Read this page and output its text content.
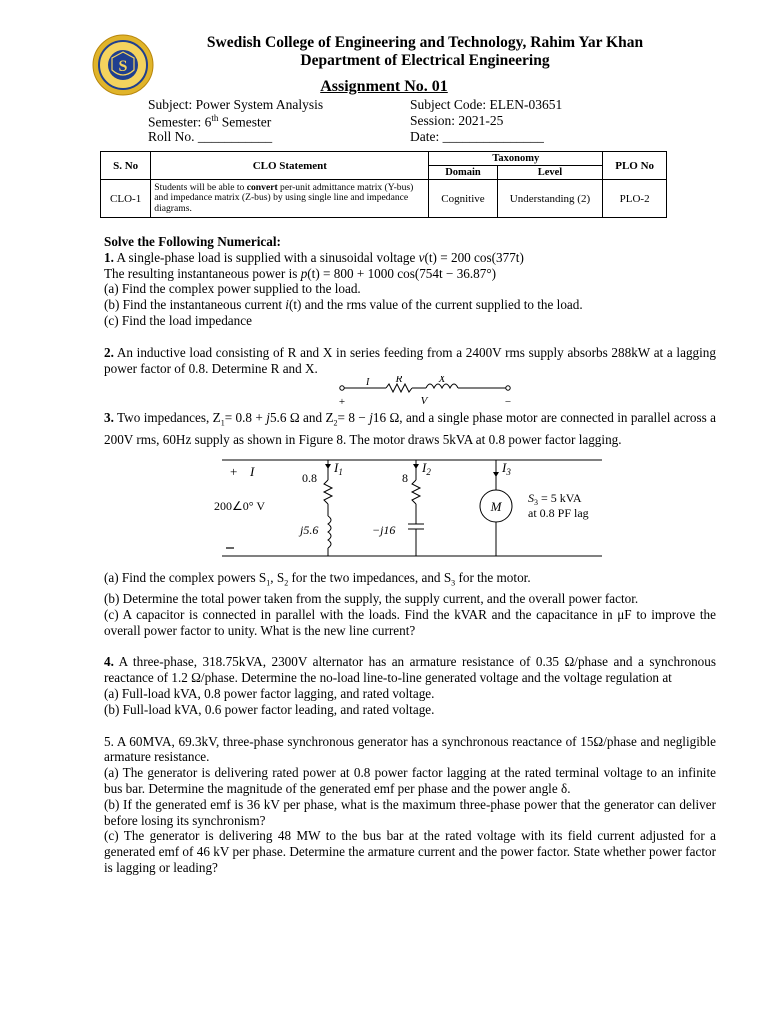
S
Swedish College of Engineering and Technology, Rahim Yar Khan
Department of Electrical Engineering
Assignment No. 01
Subject: Power System Analysis
Semester: 6th Semester
Roll No. ___________
Subject Code: ELEN-03651
Session: 2021-25
Date: _______________
S. No	CLO Statement	Taxonomy		PLO No
		Domain	Level	
CLO-1	Students will be able to convert per-unit admittance matrix (Y-bus) and impedance matrix (Z-bus) by using single line and impedance diagrams.	Cognitive	Understanding (2)	PLO-2

Solve the Following Numerical:

1. A single-phase load is supplied with a sinusoidal voltage v(t) = 200 cos(377t)

The resulting instantaneous power is p(t) = 800 + 1000 cos(754t − 36.87°)

(a) Find the complex power supplied to the load.

(b) Find the instantaneous current i(t) and the rms value of the current supplied to the load.

(c) Find the load impedance

2. An inductive load consisting of R and X in series feeding from a 2400V rms supply absorbs 288kW at a lagging power factor of 0.8. Determine R and X.

R	X
I
+	V	−

3. Two impedances, $Z_1= 0.8 + j5.6$ Ω and $Z_2= 8 - j16$ Ω, and a single phase motor are connected in parallel across a 200V rms, 60Hz supply as shown in Figure 8. The motor draws 5kVA at 0.8 power factor lagging.

+ I	$I_1$	$I_2$	$I_3$
0.8	8
j5.6	−j16
200∠0° V	M
$S_3 = 5$ kVA
at 0.8 PF lag

(a) Find the complex powers $S_1$, $S_2$ for the two impedances, and $S_3$ for the motor.

(b) Determine the total power taken from the supply, the supply current, and the overall power factor.

(c) A capacitor is connected in parallel with the loads. Find the kVAR and the capacitance in μF to improve the overall power factor to unity. What is the new line current?

4. A three-phase, 318.75kVA, 2300V alternator has an armature resistance of 0.35 Ω/phase and a synchronous reactance of 1.2 Ω/phase. Determine the no-load line-to-line generated voltage and the voltage regulation at

(a) Full-load kVA, 0.8 power factor lagging, and rated voltage.

(b) Full-load kVA, 0.6 power factor leading, and rated voltage.

5. A 60MVA, 69.3kV, three-phase synchronous generator has a synchronous reactance of 15Ω/phase and negligible armature resistance.

(a) The generator is delivering rated power at 0.8 power factor lagging at the rated terminal voltage to an infinite bus bar. Determine the magnitude of the generated emf per phase and the power angle δ.

(b) If the generated emf is 36 kV per phase, what is the maximum three-phase power that the generator can deliver before losing its synchronism?

(c) The generator is delivering 48 MW to the bus bar at the rated voltage with its field current adjusted for a generated emf of 46 kV per phase. Determine the armature current and the power factor. State whether power factor is lagging or leading?
